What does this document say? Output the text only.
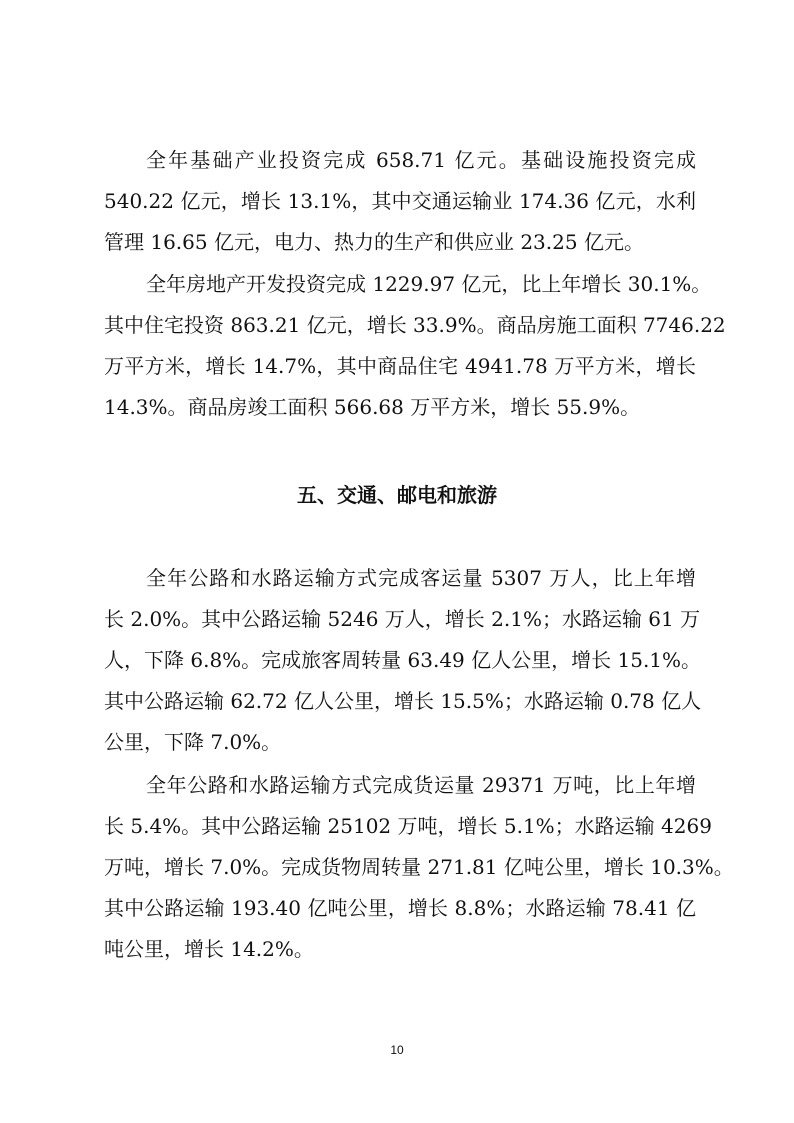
全年基础产业投资完成 658.71 亿元。基础设施投资完成
540.22 亿元，增长 13.1%，其中交通运输业 174.36 亿元，水利
管理 16.65 亿元，电力、热力的生产和供应业 23.25 亿元。
全年房地产开发投资完成 1229.97 亿元，比上年增长 30.1%。
其中住宅投资 863.21 亿元，增长 33.9%。商品房施工面积 7746.22
万平方米，增长 14.7%，其中商品住宅 4941.78 万平方米，增长
14.3%。商品房竣工面积 566.68 万平方米，增长 55.9%。
五、交通、邮电和旅游
全年公路和水路运输方式完成客运量 5307 万人，比上年增
长 2.0%。其中公路运输 5246 万人，增长 2.1%；水路运输 61 万
人，下降 6.8%。完成旅客周转量 63.49 亿人公里，增长 15.1%。
其中公路运输 62.72 亿人公里，增长 15.5%；水路运输 0.78 亿人
公里，下降 7.0%。
全年公路和水路运输方式完成货运量 29371 万吨，比上年增
长 5.4%。其中公路运输 25102 万吨，增长 5.1%；水路运输 4269
万吨，增长 7.0%。完成货物周转量 271.81 亿吨公里，增长 10.3%。
其中公路运输 193.40 亿吨公里，增长 8.8%；水路运输 78.41 亿
吨公里，增长 14.2%。
10
